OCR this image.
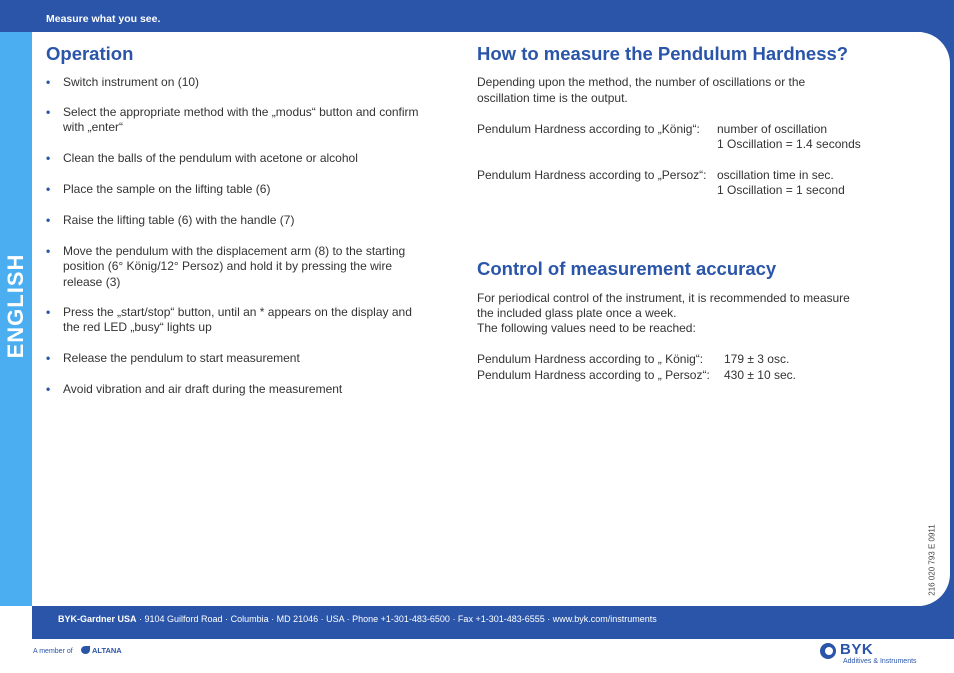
Measure what you see.
ENGLISH
Operation
• Switch instrument on (10)
• Select the appropriate method with the „modus“ button and confirm with „enter“
• Clean the balls of the pendulum with acetone or alcohol
• Place the sample on the lifting table (6)
• Raise the lifting table (6) with the handle (7)
• Move the pendulum with the displacement arm (8) to the starting position (6° König/12° Persoz) and hold it by pressing the wire release (3)
• Press the „start/stop“ button, until an * appears on the display and the red LED „busy“ lights up
• Release the pendulum to start measurement
• Avoid vibration and air draft during the measurement
How to measure the Pendulum Hardness?
Depending upon the method, the number of oscillations or the
oscillation time is the output.
Pendulum Hardness according to „König“: number of oscillation
1 Oscillation = 1.4 seconds
Pendulum Hardness according to „Persoz“: oscillation time in sec.
1 Oscillation = 1 second
Control of measurement accuracy
For periodical control of the instrument, it is recommended to measure
the included glass plate once a week.
The following values need to be reached:
Pendulum Hardness according to „ König“: 179 ± 3 osc.
Pendulum Hardness according to „ Persoz“: 430 ± 10 sec.
216 020 793 E 0911
BYK-Gardner USA · 9104 Guilford Road · Columbia · MD 21046 · USA · Phone +1-301-483-6500 · Fax +1-301-483-6555 · www.byk.com/instruments
A member of	ALTANA	BYK
Additives & Instruments
